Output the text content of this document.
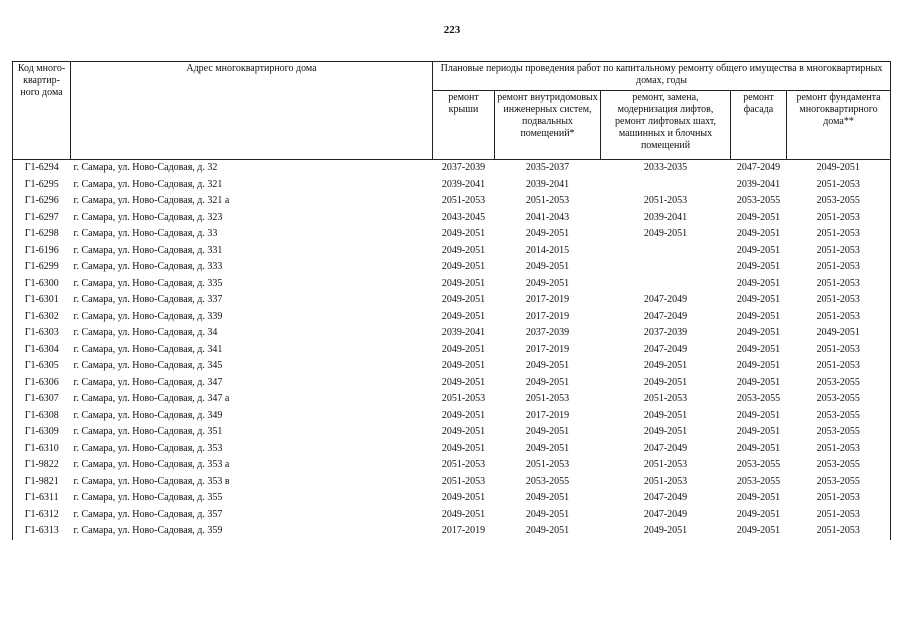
223
Код много-квартир-ного дома	Адрес многоквартирного дома	Плановые периоды проведения работ по капитальному ремонту общего имущества в многоквартирных домах, годы				
		ремонт крыши	ремонт внутридомовых инженерных систем, подвальных помещений*	ремонт, замена, модернизация лифтов, ремонт лифтовых шахт, машинных и блочных помещений	ремонт фасада	ремонт фундамента многоквартирного дома**
Г1-6294	г. Самара, ул. Ново-Садовая, д. 32	2037-2039	2035-2037	2033-2035	2047-2049	2049-2051
Г1-6295	г. Самара, ул. Ново-Садовая, д. 321	2039-2041	2039-2041		2039-2041	2051-2053
Г1-6296	г. Самара, ул. Ново-Садовая, д. 321 а	2051-2053	2051-2053	2051-2053	2053-2055	2053-2055
Г1-6297	г. Самара, ул. Ново-Садовая, д. 323	2043-2045	2041-2043	2039-2041	2049-2051	2051-2053
Г1-6298	г. Самара, ул. Ново-Садовая, д. 33	2049-2051	2049-2051	2049-2051	2049-2051	2051-2053
Г1-6196	г. Самара, ул. Ново-Садовая, д. 331	2049-2051	2014-2015		2049-2051	2051-2053
Г1-6299	г. Самара, ул. Ново-Садовая, д. 333	2049-2051	2049-2051		2049-2051	2051-2053
Г1-6300	г. Самара, ул. Ново-Садовая, д. 335	2049-2051	2049-2051		2049-2051	2051-2053
Г1-6301	г. Самара, ул. Ново-Садовая, д. 337	2049-2051	2017-2019	2047-2049	2049-2051	2051-2053
Г1-6302	г. Самара, ул. Ново-Садовая, д. 339	2049-2051	2017-2019	2047-2049	2049-2051	2051-2053
Г1-6303	г. Самара, ул. Ново-Садовая, д. 34	2039-2041	2037-2039	2037-2039	2049-2051	2049-2051
Г1-6304	г. Самара, ул. Ново-Садовая, д. 341	2049-2051	2017-2019	2047-2049	2049-2051	2051-2053
Г1-6305	г. Самара, ул. Ново-Садовая, д. 345	2049-2051	2049-2051	2049-2051	2049-2051	2051-2053
Г1-6306	г. Самара, ул. Ново-Садовая, д. 347	2049-2051	2049-2051	2049-2051	2049-2051	2053-2055
Г1-6307	г. Самара, ул. Ново-Садовая, д. 347 а	2051-2053	2051-2053	2051-2053	2053-2055	2053-2055
Г1-6308	г. Самара, ул. Ново-Садовая, д. 349	2049-2051	2017-2019	2049-2051	2049-2051	2053-2055
Г1-6309	г. Самара, ул. Ново-Садовая, д. 351	2049-2051	2049-2051	2049-2051	2049-2051	2053-2055
Г1-6310	г. Самара, ул. Ново-Садовая, д. 353	2049-2051	2049-2051	2047-2049	2049-2051	2051-2053
Г1-9822	г. Самара, ул. Ново-Садовая, д. 353 а	2051-2053	2051-2053	2051-2053	2053-2055	2053-2055
Г1-9821	г. Самара, ул. Ново-Садовая, д. 353 в	2051-2053	2053-2055	2051-2053	2053-2055	2053-2055
Г1-6311	г. Самара, ул. Ново-Садовая, д. 355	2049-2051	2049-2051	2047-2049	2049-2051	2051-2053
Г1-6312	г. Самара, ул. Ново-Садовая, д. 357	2049-2051	2049-2051	2047-2049	2049-2051	2051-2053
Г1-6313	г. Самара, ул. Ново-Садовая, д. 359	2017-2019	2049-2051	2049-2051	2049-2051	2051-2053
